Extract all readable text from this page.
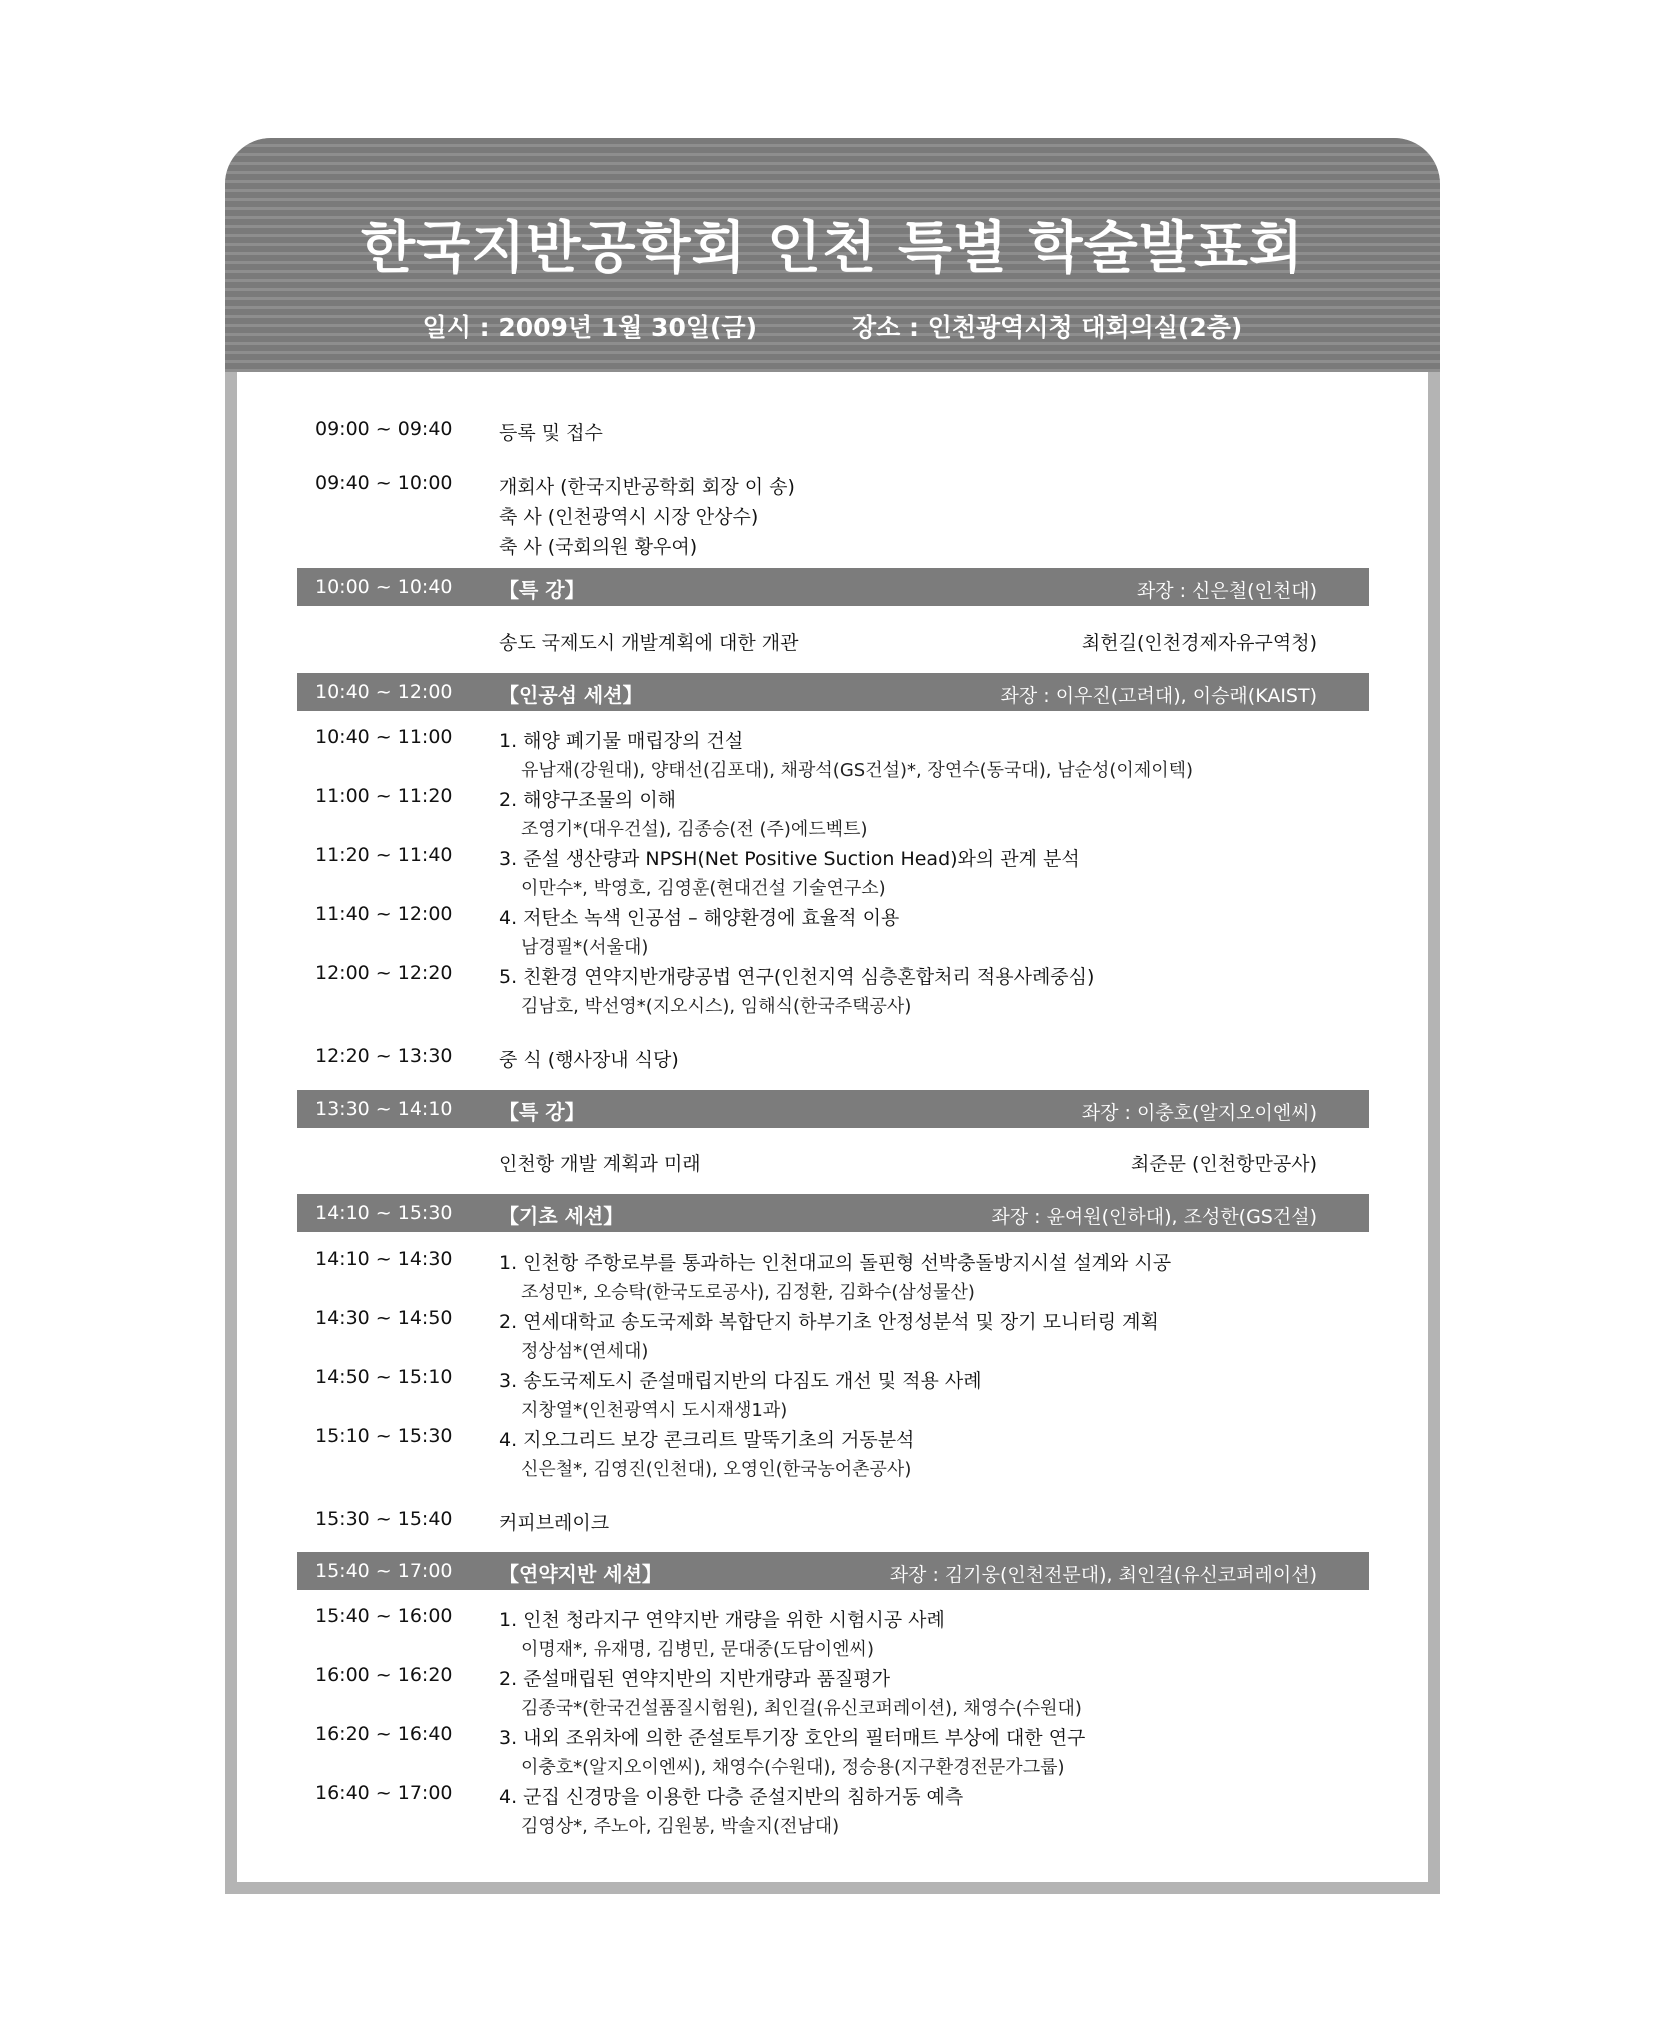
한국지반공학회 인천 특별 학술발표회
일시 : 2009년 1월 30일(금)	장소 : 인천광역시청 대회의실(2층)
09:00 ~ 09:40 등록 및 접수
09:40 ~ 10:00 개회사 (한국지반공학회 회장 이 송)
축 사 (인천광역시 시장 안상수)
축 사 (국회의원 황우여)
10:00 ~ 10:40 【특 강】	좌장 : 신은철(인천대)
송도 국제도시 개발계획에 대한 개관	최헌길(인천경제자유구역청)
10:40 ~ 12:00 【인공섬 세션】	좌장 : 이우진(고려대), 이승래(KAIST)
10:40 ~ 11:00 1. 해양 폐기물 매립장의 건설
유남재(강원대), 양태선(김포대), 채광석(GS건설)*, 장연수(동국대), 남순성(이제이텍)
11:00 ~ 11:20 2. 해양구조물의 이해
조영기*(대우건설), 김종승(전 (주)에드벡트)
11:20 ~ 11:40 3. 준설 생산량과 NPSH(Net Positive Suction Head)와의 관계 분석
이만수*, 박영호, 김영훈(현대건설 기술연구소)
11:40 ~ 12:00 4. 저탄소 녹색 인공섬 – 해양환경에 효율적 이용
남경필*(서울대)
12:00 ~ 12:20 5. 친환경 연약지반개량공법 연구(인천지역 심층혼합처리 적용사례중심)
김남호, 박선영*(지오시스), 임해식(한국주택공사)
12:20 ~ 13:30 중 식 (행사장내 식당)
13:30 ~ 14:10 【특 강】	좌장 : 이충호(알지오이엔씨)
인천항 개발 계획과 미래	최준문 (인천항만공사)
14:10 ~ 15:30 【기초 세션】	좌장 : 윤여원(인하대), 조성한(GS건설)
14:10 ~ 14:30 1. 인천항 주항로부를 통과하는 인천대교의 돌핀형 선박충돌방지시설 설계와 시공
조성민*, 오승탁(한국도로공사), 김정환, 김화수(삼성물산)
14:30 ~ 14:50 2. 연세대학교 송도국제화 복합단지 하부기초 안정성분석 및 장기 모니터링 계획
정상섬*(연세대)
14:50 ~ 15:10 3. 송도국제도시 준설매립지반의 다짐도 개선 및 적용 사례
지창열*(인천광역시 도시재생1과)
15:10 ~ 15:30 4. 지오그리드 보강 콘크리트 말뚝기초의 거동분석
신은철*, 김영진(인천대), 오영인(한국농어촌공사)
15:30 ~ 15:40 커피브레이크
15:40 ~ 17:00 【연약지반 세션】	좌장 : 김기웅(인천전문대), 최인걸(유신코퍼레이션)
15:40 ~ 16:00 1. 인천 청라지구 연약지반 개량을 위한 시험시공 사례
이명재*, 유재명, 김병민, 문대중(도담이엔씨)
16:00 ~ 16:20 2. 준설매립된 연약지반의 지반개량과 품질평가
김종국*(한국건설품질시험원), 최인걸(유신코퍼레이션), 채영수(수원대)
16:20 ~ 16:40 3. 내외 조위차에 의한 준설토투기장 호안의 필터매트 부상에 대한 연구
이충호*(알지오이엔씨), 채영수(수원대), 정승용(지구환경전문가그룹)
16:40 ~ 17:00 4. 군집 신경망을 이용한 다층 준설지반의 침하거동 예측
김영상*, 주노아, 김원봉, 박솔지(전남대)
